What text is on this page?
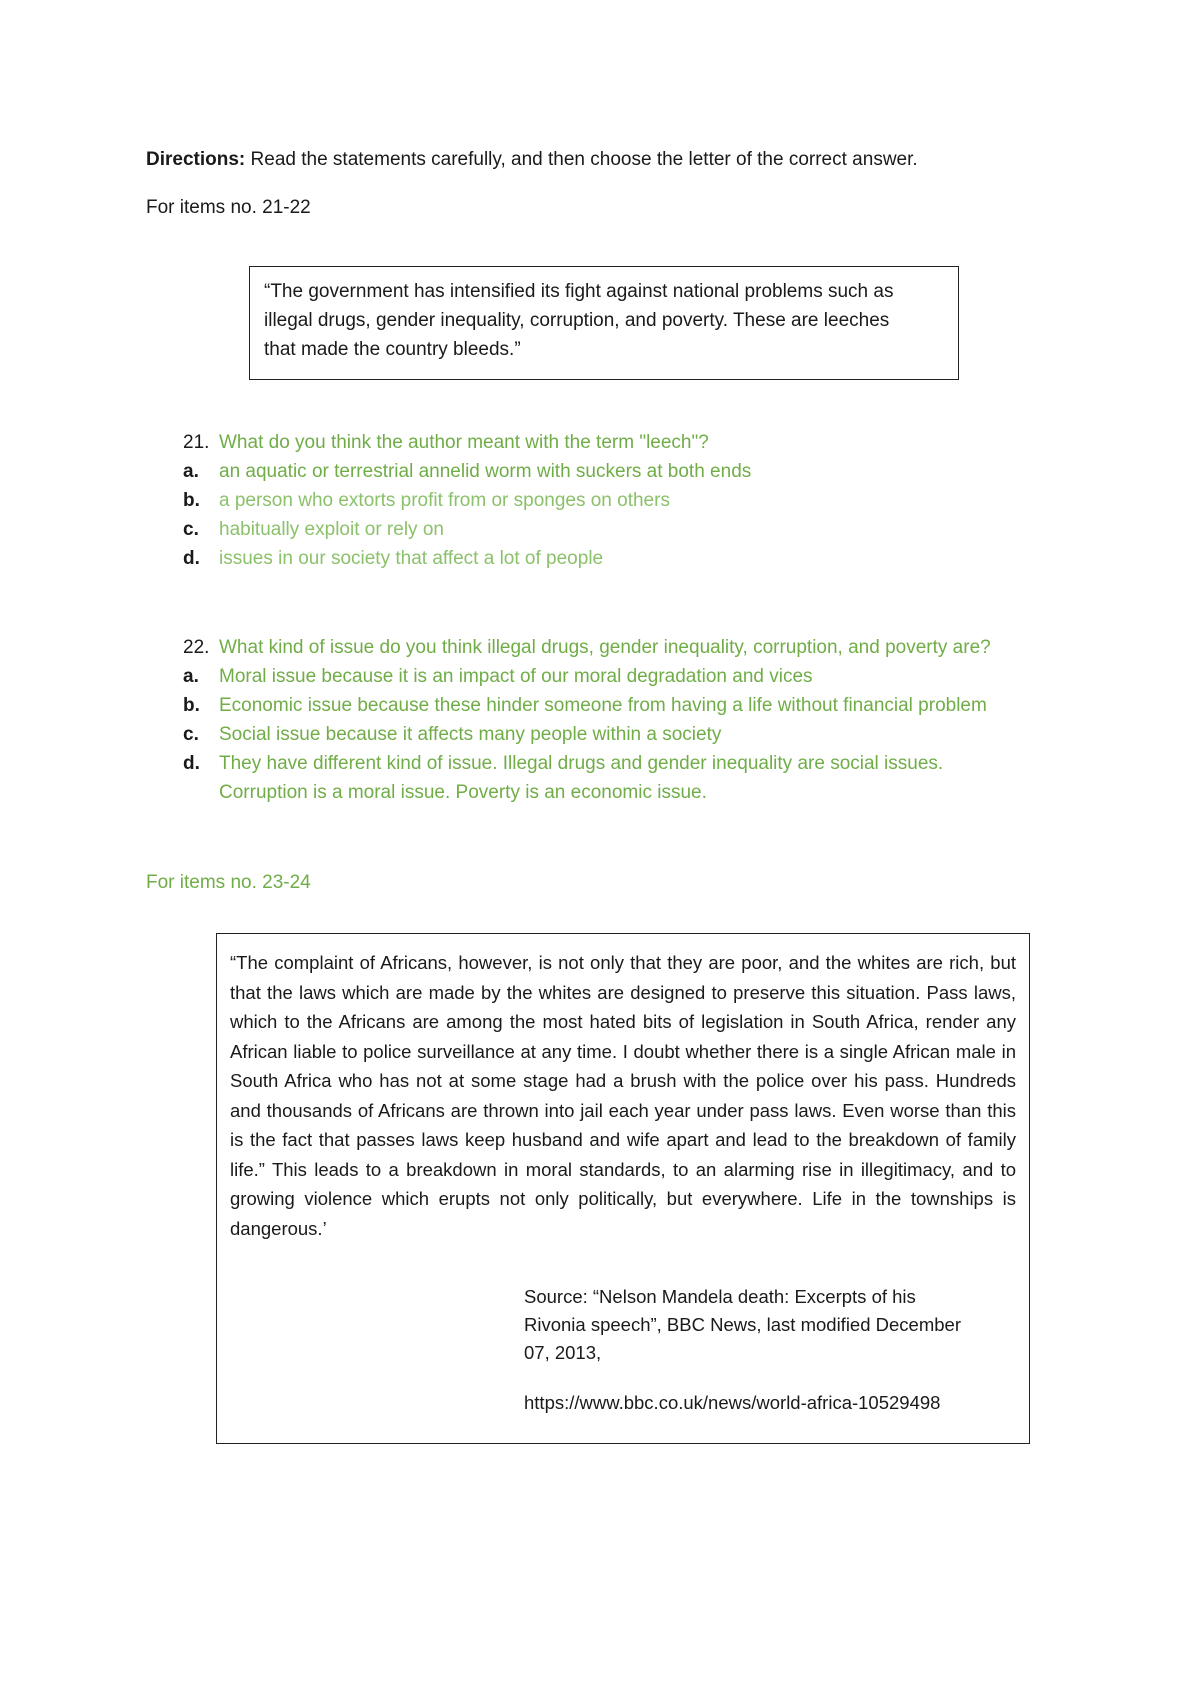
Directions: Read the statements carefully, and then choose the letter of the correct answer.
For items no. 21-22
“The government has intensified its fight against national problems such as
illegal drugs, gender inequality, corruption, and poverty. These are leeches
that made the country bleeds.”
21. What do you think the author meant with the term "leech"?
a. an aquatic or terrestrial annelid worm with suckers at both ends
b. a person who extorts profit from or sponges on others
c. habitually exploit or rely on
d. issues in our society that affect a lot of people
22. What kind of issue do you think illegal drugs, gender inequality, corruption, and poverty are?
a. Moral issue because it is an impact of our moral degradation and vices
b. Economic issue because these hinder someone from having a life without financial problem
c. Social issue because it affects many people within a society
d. They have different kind of issue. Illegal drugs and gender inequality are social issues.
Corruption is a moral issue. Poverty is an economic issue.
For items no. 23-24
“The complaint of Africans, however, is not only that they are poor, and the whites are rich, but that the laws which are made by the whites are designed to preserve this situation. Pass laws, which to the Africans are among the most hated bits of legislation in South Africa, render any African liable to police surveillance at any time. I doubt whether there is a single African male in South Africa who has not at some stage had a brush with the police over his pass. Hundreds and thousands of Africans are thrown into jail each year under pass laws. Even worse than this is the fact that passes laws keep husband and wife apart and lead to the breakdown of family life.” This leads to a breakdown in moral standards, to an alarming rise in illegitimacy, and to growing violence which erupts not only politically, but everywhere. Life in the townships is dangerous.’
Source: “Nelson Mandela death: Excerpts of his
Rivonia speech”, BBC News, last modified December
07, 2013,
https://www.bbc.co.uk/news/world-africa-10529498
